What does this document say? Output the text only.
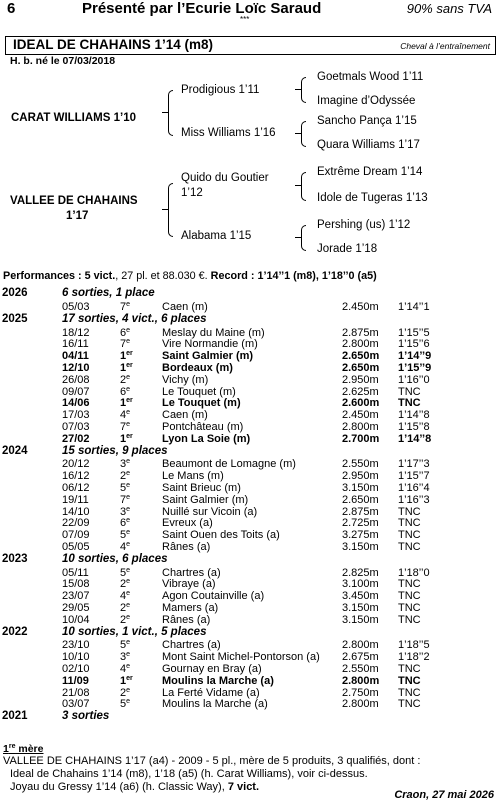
6	Présenté par l’Ecurie Loïc Saraud	90% sans TVA
***
IDEAL DE CHAHAINS 1’14 (m8)	Cheval à l’entraînement
H. b. né le 07/03/2018
CARAT WILLIAMS 1’10
VALLEE DE CHAHAINS
1’17
Prodigious 1’11
Miss Williams 1’16
Quido du Goutier
1’12
Alabama 1’15
Goetmals Wood 1’11
Imagine d’Odyssée
Sancho Pança 1’15
Quara Williams 1’17
Extrême Dream 1’14
Idole de Tugeras 1’13
Pershing (us) 1’12
Jorade 1’18
Performances : 5 vict., 27 pl. et 88.030 €. Record : 1’14’’1 (m8), 1’18’’0 (a5)
2026	6 sorties, 1 place
05/03	7e	Caen (m)	2.450m 1’14’’1
2025	17 sorties, 4 vict., 6 places
18/12	6e	Meslay du Maine (m)	2.875m 1’15’’5
16/11	7e	Vire Normandie (m)	2.800m 1’15’’6
04/11	1er	Saint Galmier (m)	2.650m 1’14’’9
12/10	1er	Bordeaux (m)	2.650m 1’15’’9
26/08	2e	Vichy (m)	2.950m 1’16’’0
09/07	6e	Le Touquet (m)	2.625m TNC
14/06	1er	Le Touquet (m)	2.600m TNC
17/03	4e	Caen (m)	2.450m 1’14’’8
07/03	7e	Pontchâteau (m)	2.800m 1’15’’8
27/02	1er	Lyon La Soie (m)	2.700m 1’14’’8
2024	15 sorties, 9 places
20/12	3e	Beaumont de Lomagne (m)	2.550m 1’17’’3
16/12	2e	Le Mans (m)	2.950m 1’15’’7
06/12	5e	Saint Brieuc (m)	3.150m 1’16’’4
19/11	7e	Saint Galmier (m)	2.650m 1’16’’3
14/10	3e	Nuillé sur Vicoin (a)	2.875m TNC
22/09	6e	Evreux (a)	2.725m TNC
07/09	5e	Saint Ouen des Toits (a)	3.275m TNC
05/05	4e	Rânes (a)	3.150m TNC
2023	10 sorties, 6 places
05/11	5e	Chartres (a)	2.825m 1’18’’0
15/08	2e	Vibraye (a)	3.100m TNC
23/07	4e	Agon Coutainville (a)	3.450m TNC
29/05	2e	Mamers (a)	3.150m TNC
10/04	2e	Rânes (a)	3.150m TNC
2022	10 sorties, 1 vict., 5 places
23/10	5e	Chartres (a)	2.800m 1’18’’5
10/10	3e	Mont Saint Michel-Pontorson (a) 2.675m 1’18’’2
02/10	4e	Gournay en Bray (a)	2.550m TNC
11/09	1er	Moulins la Marche (a)	2.800m TNC
21/08	2e	La Ferté Vidame (a)	2.750m TNC
03/07	5e	Moulins la Marche (a)	2.800m TNC
2021	3 sorties
1re mère
VALLEE DE CHAHAINS 1’17 (a4) - 2009 - 5 pl., mère de 5 produits, 3 qualifiés, dont :
Ideal de Chahains 1’14 (m8), 1’18 (a5) (h. Carat Williams), voir ci-dessus.
Joyau du Gressy 1’14 (a6) (h. Classic Way), 7 vict.
Craon, 27 mai 2026
